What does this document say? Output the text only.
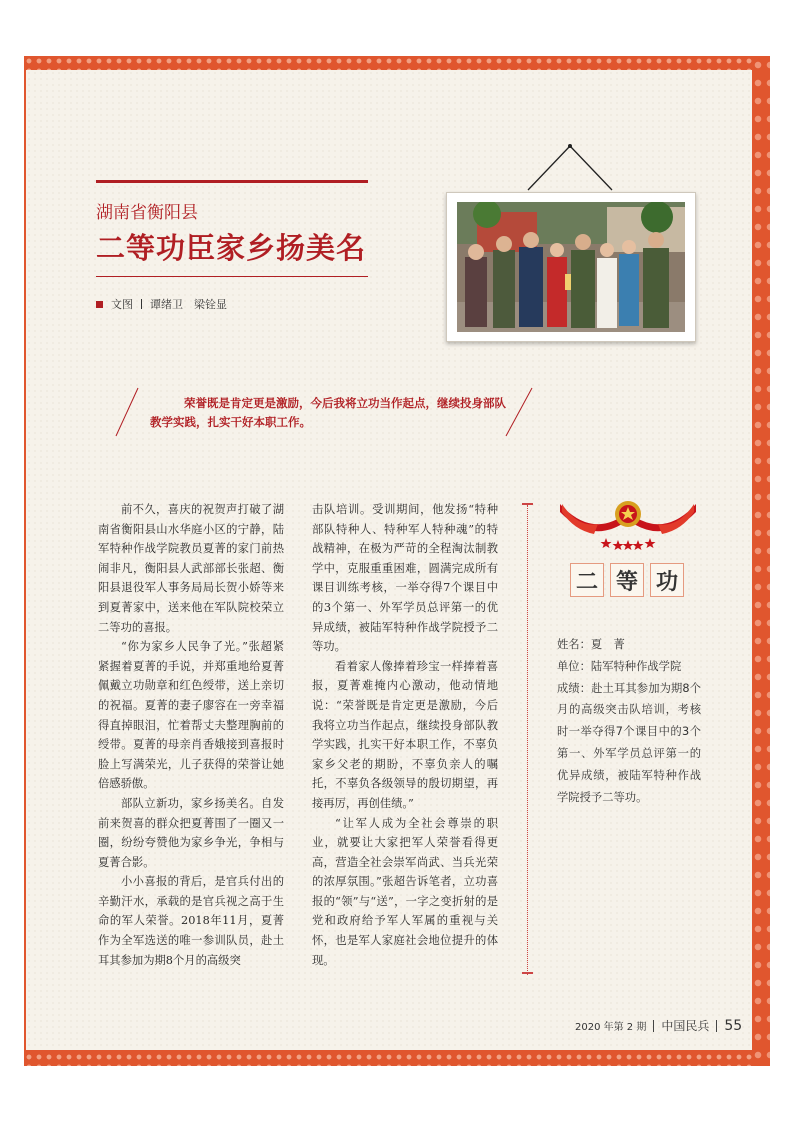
湖南省衡阳县
二等功臣家乡扬美名
文图 谭绪卫　梁铨显
荣誉既是肯定更是激励，今后我将立功当作起点，继续投身部队教学实践，扎实干好本职工作。

前不久，喜庆的祝贺声打破了湖南省衡阳县山水华庭小区的宁静，陆军特种作战学院教员夏菁的家门前热闹非凡，衡阳县人武部部长张超、衡阳县退役军人事务局局长贺小娇等来到夏菁家中，送来他在军队院校荣立二等功的喜报。

“你为家乡人民争了光。”张超紧紧握着夏菁的手说，并郑重地给夏菁佩戴立功勋章和红色绶带，送上亲切的祝福。夏菁的妻子廖容在一旁幸福得直掉眼泪，忙着帮丈夫整理胸前的绶带。夏菁的母亲肖香娥接到喜报时脸上写满荣光，儿子获得的荣誉让她倍感骄傲。

部队立新功，家乡扬美名。自发前来贺喜的群众把夏菁围了一圈又一圈，纷纷夸赞他为家乡争光，争相与夏菁合影。

小小喜报的背后，是官兵付出的辛勤汗水，承载的是官兵视之高于生命的军人荣誉。2018年11月，夏菁作为全军选送的唯一参训队员，赴土耳其参加为期8个月的高级突

击队培训。受训期间，他发扬“特种部队特种人、特种军人特种魂”的特战精神，在极为严苛的全程淘汰制教学中，克服重重困难，圆满完成所有课目训练考核，一举夺得7个课目中的3个第一、外军学员总评第一的优异成绩，被陆军特种作战学院授予二等功。

看着家人像捧着珍宝一样捧着喜报，夏菁难掩内心激动，他动情地说：“荣誉既是肯定更是激励，今后我将立功当作起点，继续投身部队教学实践，扎实干好本职工作，不辜负家乡父老的期盼，不辜负亲人的嘱托，不辜负各级领导的殷切期望，再接再厉，再创佳绩。”

“让军人成为全社会尊崇的职业，就要让大家把军人荣誉看得更高，营造全社会崇军尚武、当兵光荣的浓厚氛围。”张超告诉笔者，立功喜报的“领”与“送”，一字之变折射的是党和政府给予军人军属的重视与关怀，也是军人家庭社会地位提升的体现。

二 等 功

姓名：夏　菁

单位：陆军特种作战学院

成绩：赴土耳其参加为期8个月的高级突击队培训，考核时一举夺得7个课目中的3个第一、外军学员总评第一的优异成绩，被陆军特种作战学院授予二等功。

2020 年第 2 期 中国民兵 55
